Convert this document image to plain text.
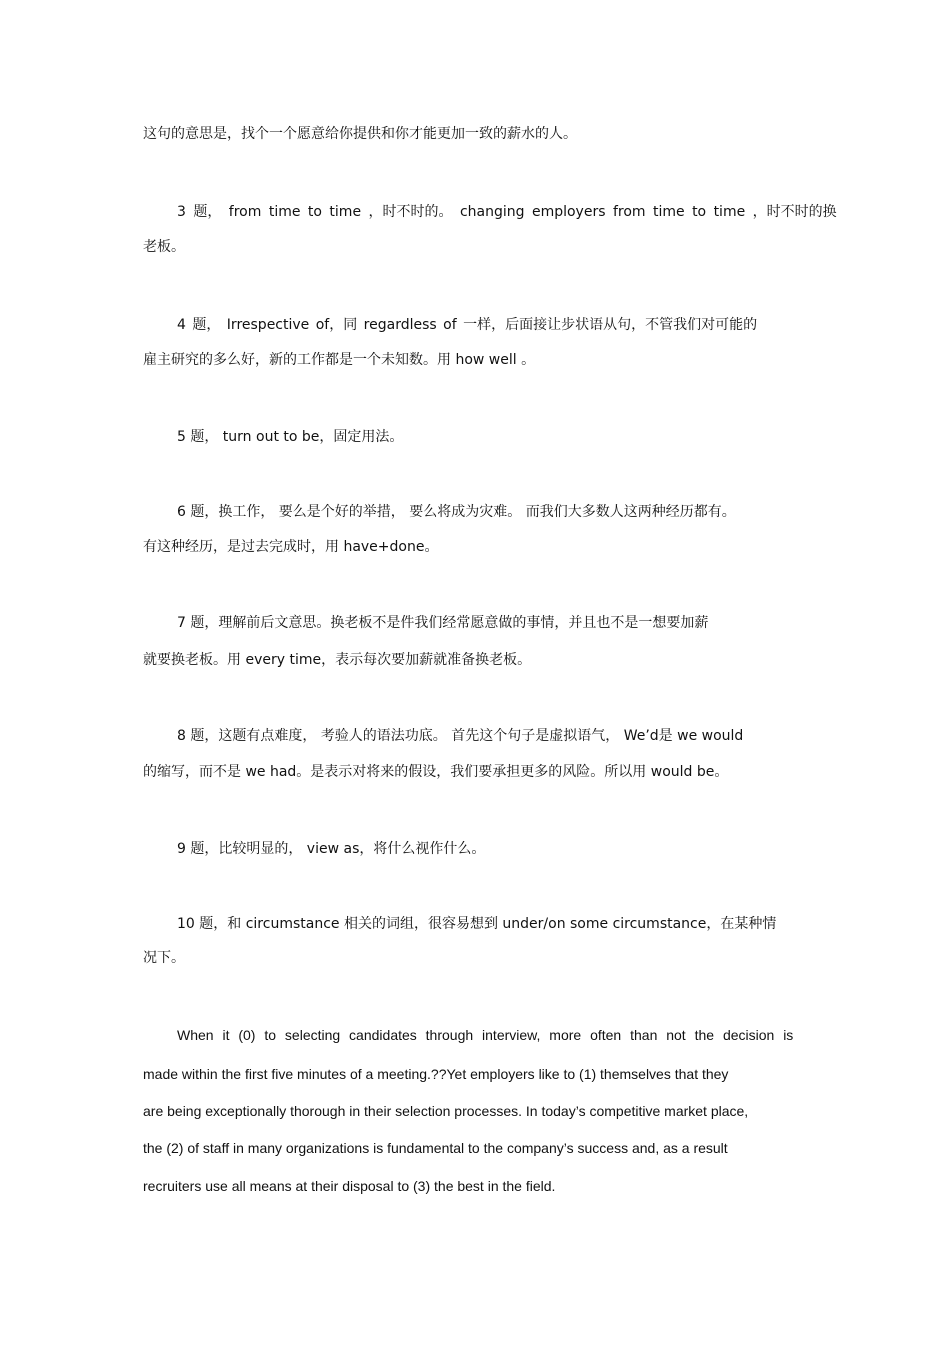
这句的意思是，找个一个愿意给你提供和你才能更加一致的薪水的人。
3 题， from time to time ，时不时的。 changing employers from time to time ，时不时的换
老板。
4 题， Irrespective of，同 regardless of 一样，后面接让步状语从句，不管我们对可能的
雇主研究的多么好，新的工作都是一个未知数。用 how well 。
5 题， turn out to be，固定用法。
6 题，换工作， 要么是个好的举措， 要么将成为灾难。 而我们大多数人这两种经历都有。
有这种经历，是过去完成时，用 have+done。
7 题，理解前后文意思。换老板不是件我们经常愿意做的事情，并且也不是一想要加薪
就要换老板。用 every time，表示每次要加薪就准备换老板。
8 题，这题有点难度， 考验人的语法功底。 首先这个句子是虚拟语气， We’d是 we would
的缩写，而不是 we had。是表示对将来的假设，我们要承担更多的风险。所以用 would be。
9 题，比较明显的， view as，将什么视作什么。
10 题，和 circumstance 相关的词组，很容易想到 under/on some circumstance，在某种情
况下。
When it (0) to selecting candidates through interview, more often than not the decision is
made within the first five minutes of a meeting.??Yet employers like to (1) themselves that they
are being exceptionally thorough in their selection processes. In today’s competitive market place,
the (2) of staff in many organizations is fundamental to the company’s success and, as a result
recruiters use all means at their disposal to (3) the best in the field.
